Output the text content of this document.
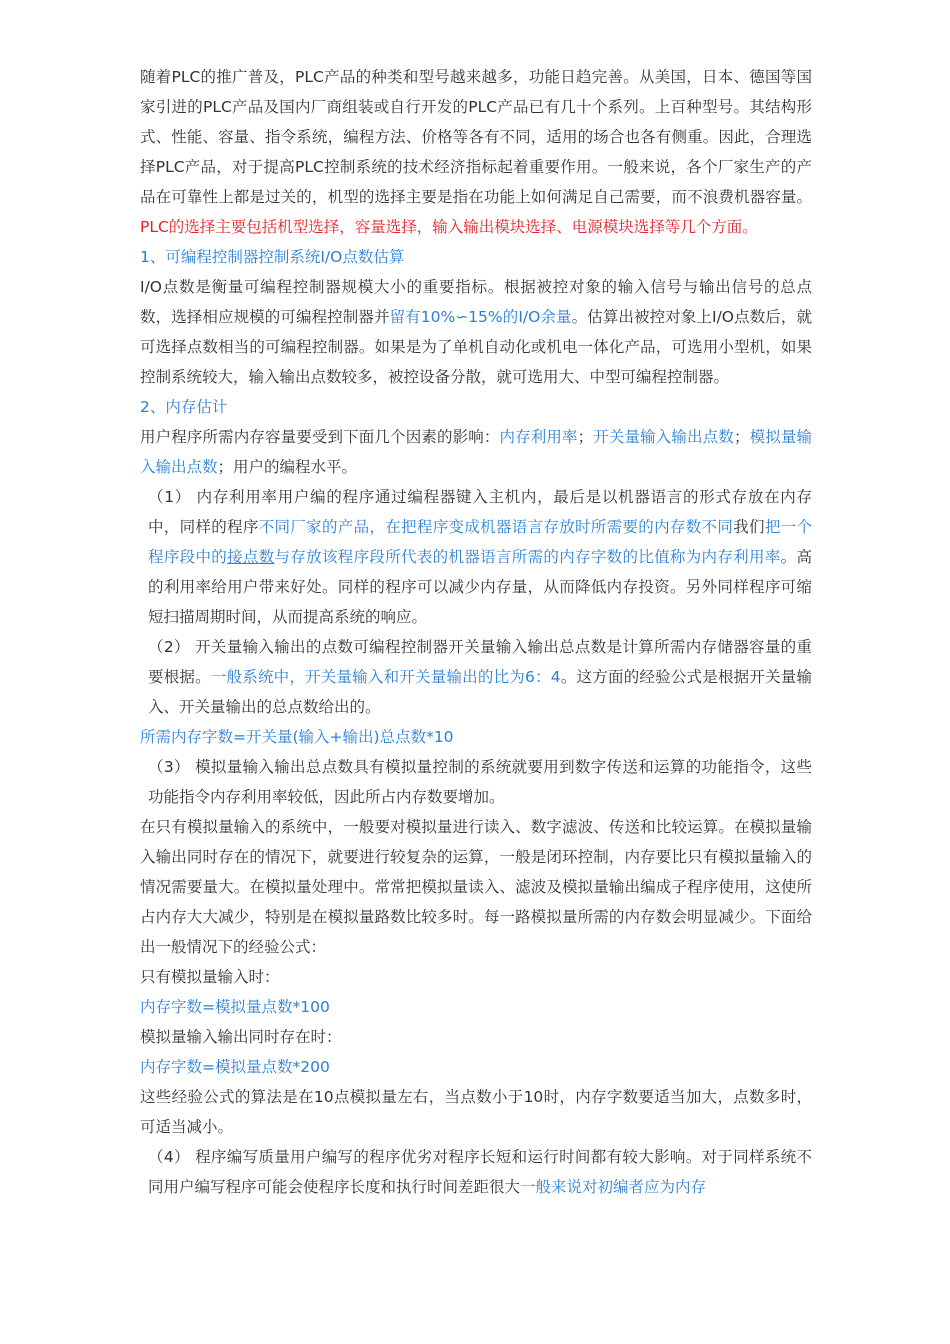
随着PLC的推广普及，PLC产品的种类和型号越来越多，功能日趋完善。从美国，日本、德国等国家引进的PLC产品及国内厂商组装或自行开发的PLC产品已有几十个系列。上百种型号。其结构形式、性能、容量、指令系统，编程方法、价格等各有不同，适用的场合也各有侧重。因此，合理选择PLC产品，对于提高PLC控制系统的技术经济指标起着重要作用。一般来说，各个厂家生产的产品在可靠性上都是过关的，机型的选择主要是指在功能上如何满足自己需要，而不浪费机器容量。PLC的选择主要包括机型选择，容量选择，输入输出模块选择、电源模块选择等几个方面。

1、可编程控制器控制系统I/O点数估算

I/O点数是衡量可编程控制器规模大小的重要指标。根据被控对象的输入信号与输出信号的总点数，选择相应规模的可编程控制器并留有10%∽15%的I/O余量。估算出被控对象上I/O点数后，就可选择点数相当的可编程控制器。如果是为了单机自动化或机电一体化产品，可选用小型机，如果控制系统较大，输入输出点数较多，被控设备分散，就可选用大、中型可编程控制器。

2、内存估计

用户程序所需内存容量要受到下面几个因素的影响：内存利用率；开关量输入输出点数；模拟量输入输出点数；用户的编程水平。

（1） 内存利用率用户编的程序通过编程器键入主机内，最后是以机器语言的形式存放在内存中，同样的程序不同厂家的产品，在把程序变成机器语言存放时所需要的内存数不同我们把一个程序段中的接点数与存放该程序段所代表的机器语言所需的内存字数的比值称为内存利用率。高的利用率给用户带来好处。同样的程序可以减少内存量，从而降低内存投资。另外同样程序可缩短扫描周期时间，从而提高系统的响应。

（2） 开关量输入输出的点数可编程控制器开关量输入输出总点数是计算所需内存储器容量的重要根据。一般系统中，开关量输入和开关量输出的比为6：4。这方面的经验公式是根据开关量输入、开关量输出的总点数给出的。

所需内存字数=开关量(输入+输出)总点数*10

（3） 模拟量输入输出总点数具有模拟量控制的系统就要用到数字传送和运算的功能指令，这些功能指令内存利用率较低，因此所占内存数要增加。

在只有模拟量输入的系统中，一般要对模拟量进行读入、数字滤波、传送和比较运算。在模拟量输入输出同时存在的情况下，就要进行较复杂的运算，一般是闭环控制，内存要比只有模拟量输入的情况需要量大。在模拟量处理中。常常把模拟量读入、滤波及模拟量输出编成子程序使用，这使所占内存大大减少，特别是在模拟量路数比较多时。每一路模拟量所需的内存数会明显减少。下面给出一般情况下的经验公式：

只有模拟量输入时：

内存字数=模拟量点数*100

模拟量输入输出同时存在时：

内存字数=模拟量点数*200

这些经验公式的算法是在10点模拟量左右，当点数小于10时，内存字数要适当加大，点数多时，可适当减小。

（4） 程序编写质量用户编写的程序优劣对程序长短和运行时间都有较大影响。对于同样系统不同用户编写程序可能会使程序长度和执行时间差距很大一般来说对初编者应为内存
